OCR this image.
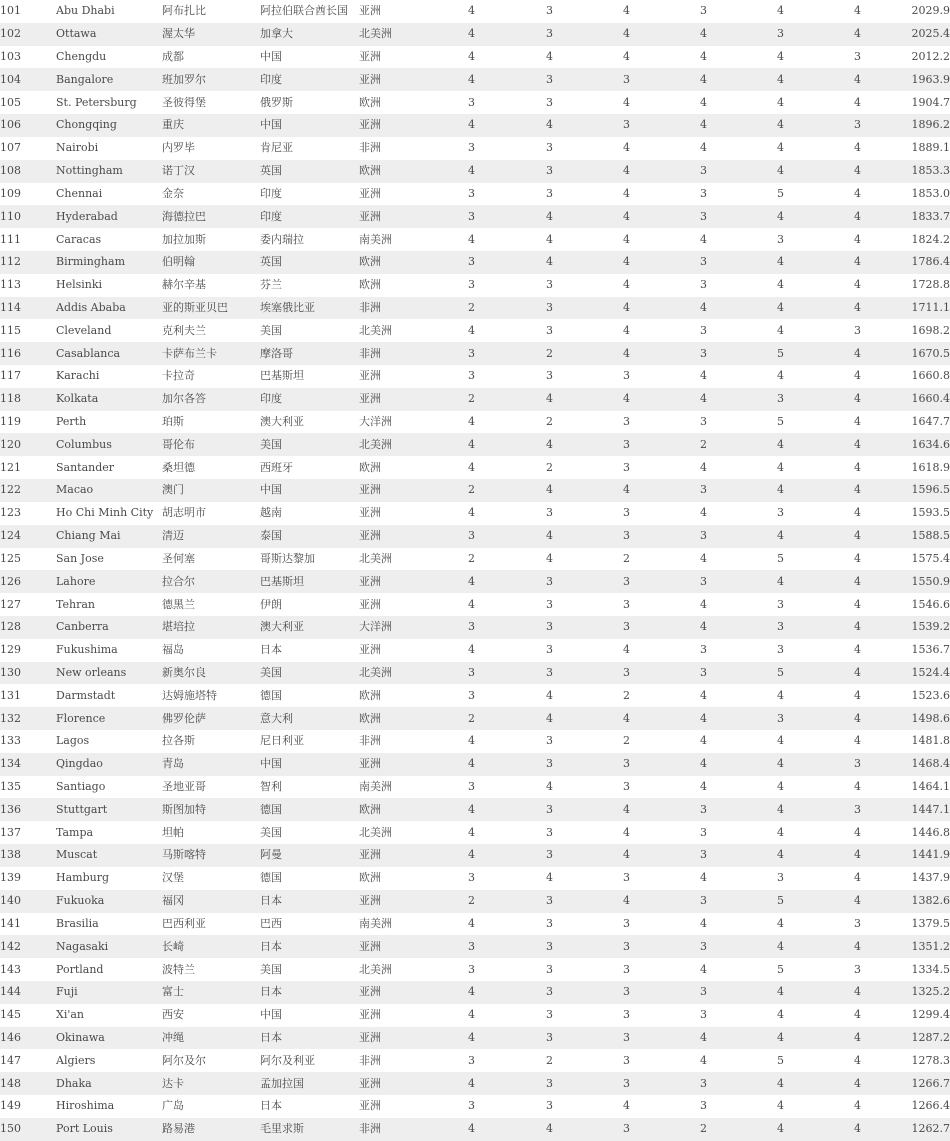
101	Abu Dhabi	阿布扎比	阿拉伯联合酋长国	亚洲	4	3	4	3	4	4	2029.9
102	Ottawa	渥太华	加拿大	北美洲	4	3	4	4	3	4	2025.4
103	Chengdu	成都	中国	亚洲	4	4	4	4	4	3	2012.2
104	Bangalore	班加罗尔	印度	亚洲	4	3	3	4	4	4	1963.9
105	St. Petersburg	圣彼得堡	俄罗斯	欧洲	3	3	4	4	4	4	1904.7
106	Chongqing	重庆	中国	亚洲	4	4	3	4	4	3	1896.2
107	Nairobi	内罗毕	肯尼亚	非洲	3	3	4	4	4	4	1889.1
108	Nottingham	诺丁汉	英国	欧洲	4	3	4	3	4	4	1853.3
109	Chennai	金奈	印度	亚洲	3	3	4	3	5	4	1853.0
110	Hyderabad	海德拉巴	印度	亚洲	3	4	4	3	4	4	1833.7
111	Caracas	加拉加斯	委内瑞拉	南美洲	4	4	4	4	3	4	1824.2
112	Birmingham	伯明翰	英国	欧洲	3	4	4	3	4	4	1786.4
113	Helsinki	赫尔辛基	芬兰	欧洲	3	3	4	3	4	4	1728.8
114	Addis Ababa	亚的斯亚贝巴	埃塞俄比亚	非洲	2	3	4	4	4	4	1711.1
115	Cleveland	克利夫兰	美国	北美洲	4	3	4	3	4	3	1698.2
116	Casablanca	卡萨布兰卡	摩洛哥	非洲	3	2	4	3	5	4	1670.5
117	Karachi	卡拉奇	巴基斯坦	亚洲	3	3	3	4	4	4	1660.8
118	Kolkata	加尔各答	印度	亚洲	2	4	4	4	3	4	1660.4
119	Perth	珀斯	澳大利亚	大洋洲	4	2	3	3	5	4	1647.7
120	Columbus	哥伦布	美国	北美洲	4	4	3	2	4	4	1634.6
121	Santander	桑坦德	西班牙	欧洲	4	2	3	4	4	4	1618.9
122	Macao	澳门	中国	亚洲	2	4	4	3	4	4	1596.5
123	Ho Chi Minh City	胡志明市	越南	亚洲	4	3	3	4	3	4	1593.5
124	Chiang Mai	清迈	泰国	亚洲	3	4	3	3	4	4	1588.5
125	San Jose	圣何塞	哥斯达黎加	北美洲	2	4	2	4	5	4	1575.4
126	Lahore	拉合尔	巴基斯坦	亚洲	4	3	3	3	4	4	1550.9
127	Tehran	德黑兰	伊朗	亚洲	4	3	3	4	3	4	1546.6
128	Canberra	堪培拉	澳大利亚	大洋洲	3	3	3	4	3	4	1539.2
129	Fukushima	福岛	日本	亚洲	4	3	4	3	3	4	1536.7
130	New orleans	新奥尔良	美国	北美洲	3	3	3	3	5	4	1524.4
131	Darmstadt	达姆施塔特	德国	欧洲	3	4	2	4	4	4	1523.6
132	Florence	佛罗伦萨	意大利	欧洲	2	4	4	4	3	4	1498.6
133	Lagos	拉各斯	尼日利亚	非洲	4	3	2	4	4	4	1481.8
134	Qingdao	青岛	中国	亚洲	4	3	3	4	4	3	1468.4
135	Santiago	圣地亚哥	智利	南美洲	3	4	3	4	4	4	1464.1
136	Stuttgart	斯图加特	德国	欧洲	4	3	4	3	4	3	1447.1
137	Tampa	坦帕	美国	北美洲	4	3	4	3	4	4	1446.8
138	Muscat	马斯喀特	阿曼	亚洲	4	3	4	3	4	4	1441.9
139	Hamburg	汉堡	德国	欧洲	3	4	3	4	3	4	1437.9
140	Fukuoka	福冈	日本	亚洲	2	3	4	3	5	4	1382.6
141	Brasilia	巴西利亚	巴西	南美洲	4	3	3	4	4	3	1379.5
142	Nagasaki	长崎	日本	亚洲	3	3	3	3	4	4	1351.2
143	Portland	波特兰	美国	北美洲	3	3	3	4	5	3	1334.5
144	Fuji	富士	日本	亚洲	4	3	3	3	4	4	1325.2
145	Xi'an	西安	中国	亚洲	4	3	3	3	4	4	1299.4
146	Okinawa	冲绳	日本	亚洲	4	3	3	4	4	4	1287.2
147	Algiers	阿尔及尔	阿尔及利亚	非洲	3	2	3	4	5	4	1278.3
148	Dhaka	达卡	孟加拉国	亚洲	4	3	3	3	4	4	1266.7
149	Hiroshima	广岛	日本	亚洲	3	3	4	3	4	4	1266.4
150	Port Louis	路易港	毛里求斯	非洲	4	4	3	2	4	4	1262.7
